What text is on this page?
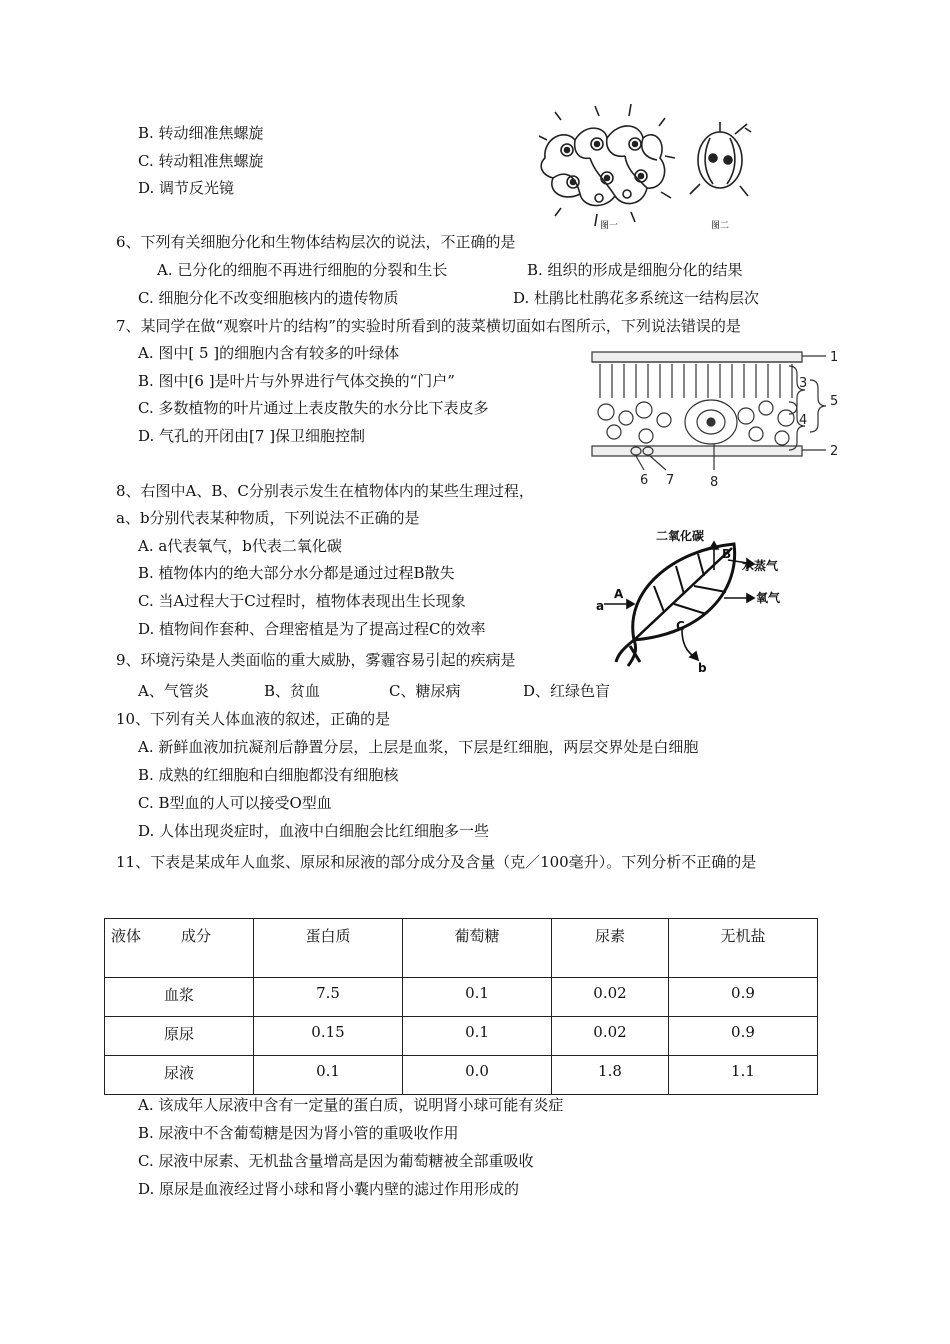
B. 转动细准焦螺旋
C. 转动粗准焦螺旋
D. 调节反光镜
图一	图二
6、下列有关细胞分化和生物体结构层次的说法，不正确的是
A. 已分化的细胞不再进行细胞的分裂和生长	B. 组织的形成是细胞分化的结果
C. 细胞分化不改变细胞核内的遗传物质	D. 杜鹃比杜鹃花多系统这一结构层次
7、某同学在做“观察叶片的结构”的实验时所看到的菠菜横切面如右图所示，下列说法错误的是
A. 图中[ 5 ]的细胞内含有较多的叶绿体
B. 图中[6 ]是叶片与外界进行气体交换的“门户”
C. 多数植物的叶片通过上表皮散失的水分比下表皮多
D. 气孔的开闭由[7 ]保卫细胞控制
1
2
3
4
5
6 7	8
8、右图中A、B、C分别表示发生在植物体内的某些生理过程，
a、b分别代表某种物质，下列说法不正确的是
A. a代表氧气，b代表二氧化碳
B. 植物体内的绝大部分水分都是通过过程B散失
C. 当A过程大于C过程时，植物体表现出生长现象
D. 植物间作套种、合理密植是为了提高过程C的效率
二氧化碳
B
水蒸气
氧气
a
A
C
b
9、环境污染是人类面临的重大威胁，雾霾容易引起的疾病是
A、气管炎	B、贫血	C、糖尿病	D、红绿色盲
10、下列有关人体血液的叙述，正确的是
A. 新鲜血液加抗凝剂后静置分层，上层是血浆，下层是红细胞，两层交界处是白细胞
B. 成熟的红细胞和白细胞都没有细胞核
C. B型血的人可以接受O型血
D. 人体出现炎症时，血液中白细胞会比红细胞多一些
11、下表是某成年人血浆、原尿和尿液的部分成分及含量（克／100毫升）。下列分析不正确的是
液体 成分	蛋白质	葡萄糖	尿素	无机盐
血浆	7.5	0.1	0.02	0.9
原尿	0.15	0.1	0.02	0.9
尿液	0.1	0.0	1.8	1.1
A. 该成年人尿液中含有一定量的蛋白质，说明肾小球可能有炎症
B. 尿液中不含葡萄糖是因为肾小管的重吸收作用
C. 尿液中尿素、无机盐含量增高是因为葡萄糖被全部重吸收
D. 原尿是血液经过肾小球和肾小囊内壁的滤过作用形成的
